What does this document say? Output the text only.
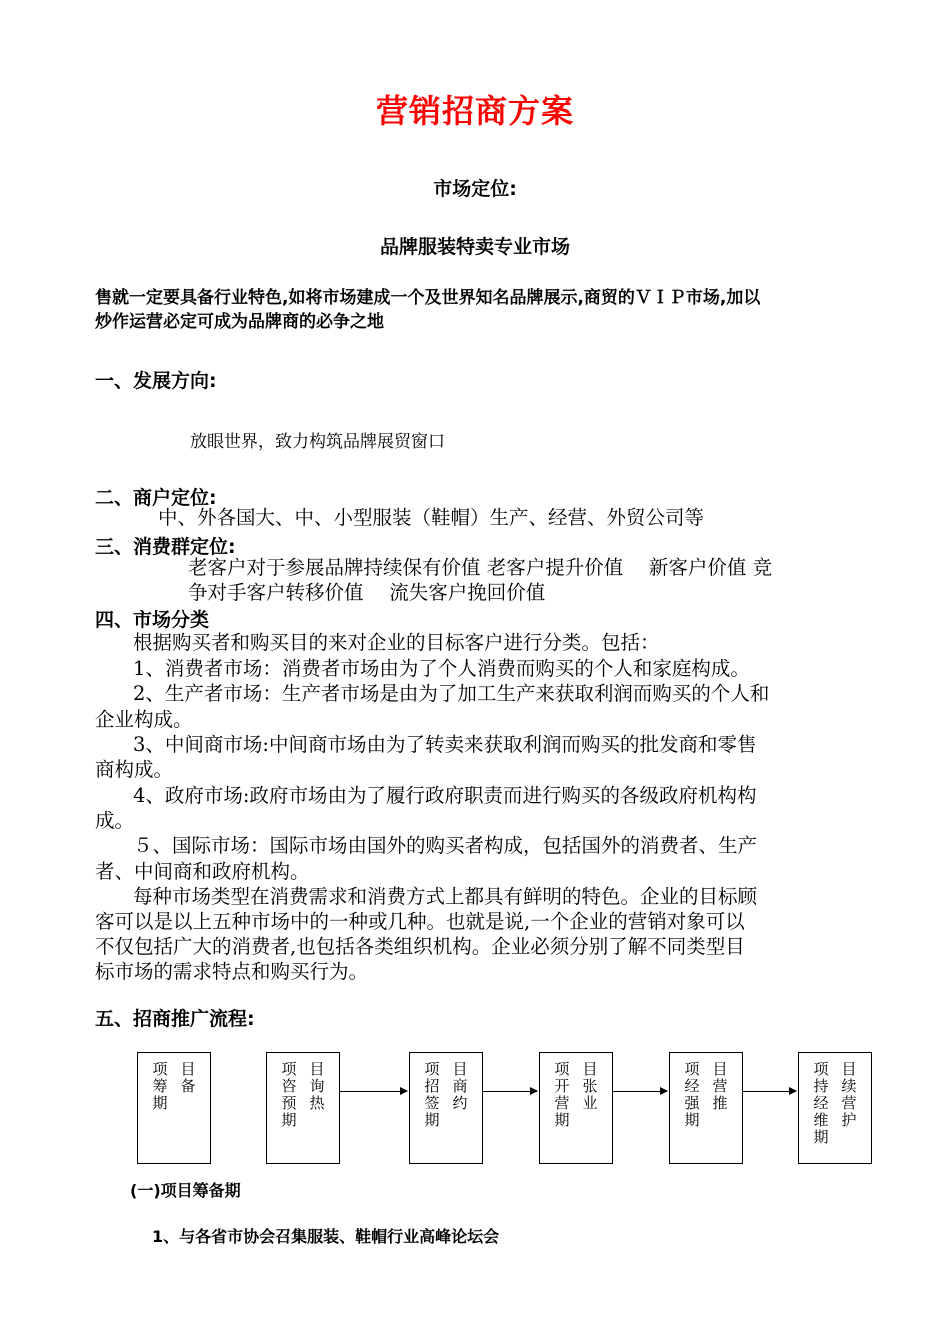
营销招商方案
市场定位:
品牌服装特卖专业市场
售就一定要具备行业特色,如将市场建成一个及世界知名品牌展示,商贸的ＶＩＰ市场,加以
炒作运营必定可成为品牌商的必争之地
一、发展方向:
放眼世界，致力构筑品牌展贸窗口
二、商户定位:
中、外各国大、中、小型服装（鞋帽）生产、经营、外贸公司等
三、消费群定位:
老客户对于参展品牌持续保有价值 老客户提升价值　 新客户价值 竞
争对手客户转移价值　 流失客户挽回价值
四、市场分类
根据购买者和购买目的来对企业的目标客户进行分类。包括：
1、消费者市场：消费者市场由为了个人消费而购买的个人和家庭构成。
2、生产者市场：生产者市场是由为了加工生产来获取利润而购买的个人和
企业构成。
3、中间商市场:中间商市场由为了转卖来获取利润而购买的批发商和零售
商构成。
4、政府市场:政府市场由为了履行政府职责而进行购买的各级政府机构构
成。
５、国际市场：国际市场由国外的购买者构成，包括国外的消费者、生产
者、中间商和政府机构。
每种市场类型在消费需求和消费方式上都具有鲜明的特色。企业的目标顾
客可以是以上五种市场中的一种或几种。也就是说,一个企业的营销对象可以
不仅包括广大的消费者,也包括各类组织机构。企业必须分别了解不同类型目
标市场的需求特点和购买行为。
五、招商推广流程:
项筹期
目备
项咨预期
目询热
项招签期
目商约
项开营期
目张业
项经强期
目营推
项持经维期
目续营护
(一)项目筹备期
1、与各省市协会召集服装、鞋帽行业高峰论坛会
